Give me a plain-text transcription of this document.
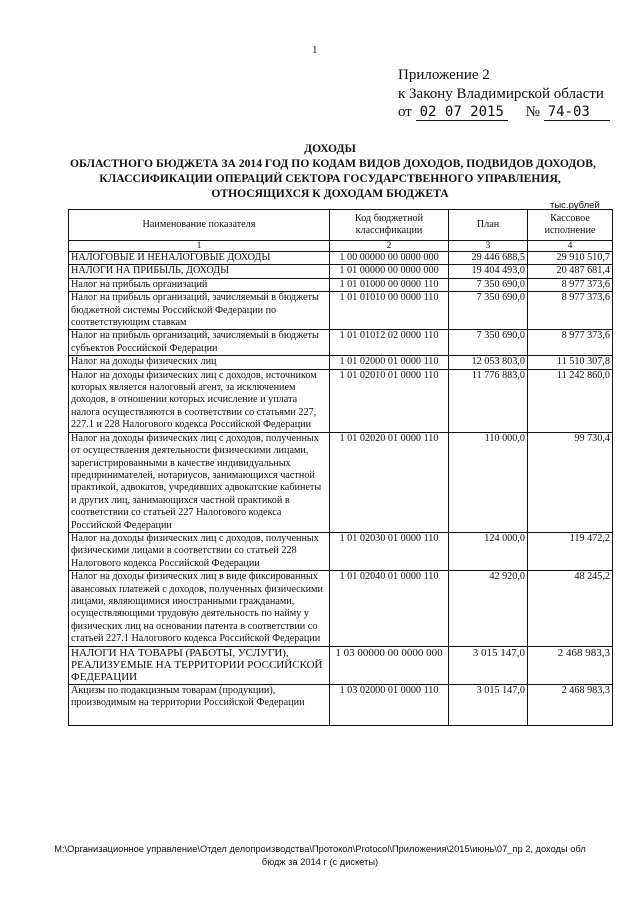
1
Приложение 2
к Закону Владимирской области
от 02 07 2015 № 74-03
ДОХОДЫ
ОБЛАСТНОГО БЮДЖЕТА ЗА 2014 ГОД ПО КОДАМ ВИДОВ ДОХОДОВ, ПОДВИДОВ ДОХОДОВ,
КЛАССИФИКАЦИИ ОПЕРАЦИЙ СЕКТОРА ГОСУДАРСТВЕННОГО УПРАВЛЕНИЯ,
ОТНОСЯЩИХСЯ К ДОХОДАМ БЮДЖЕТА
тыс.рублей
Наименование показателя	Код бюджетной классификации	План	Кассовое исполнение
1	2	3	4
НАЛОГОВЫЕ И НЕНАЛОГОВЫЕ ДОХОДЫ	1 00 00000 00 0000 000	29 446 688,5	29 910 510,7
НАЛОГИ НА ПРИБЫЛЬ, ДОХОДЫ	1 01 00000 00 0000 000	19 404 493,0	20 487 681,4
Налог на прибыль организаций	1 01 01000 00 0000 110	7 350 690,0	8 977 373,6
Налог на прибыль организаций, зачисляемый в бюджеты бюджетной системы Российской Федерации по соответствующим ставкам	1 01 01010 00 0000 110	7 350 690,0	8 977 373,6
Налог на прибыль организаций, зачисляемый в бюджеты субъектов Российской Федерации	1 01 01012 02 0000 110	7 350 690,0	8 977 373,6
Налог на доходы физических лиц	1 01 02000 01 0000 110	12 053 803,0	11 510 307,8
Налог на доходы физических лиц с доходов, источником которых является налоговый агент, за исключением доходов, в отношении которых исчисление и уплата налога осуществляются в соответствии со статьями 227, 227.1 и 228 Налогового кодекса Российской Федерации	1 01 02010 01 0000 110	11 776 883,0	11 242 860,0
Налог на доходы физических лиц с доходов, полученных от осуществления деятельности физическими лицами, зарегистрированными в качестве индивидуальных предпринимателей, нотариусов, занимающихся частной практикой, адвокатов, учредивших адвокатские кабинеты и других лиц, занимающихся частной практикой в соответствии со статьей 227 Налогового кодекса Российской Федерации	1 01 02020 01 0000 110	110 000,0	99 730,4
Налог на доходы физических лиц с доходов, полученных физическими лицами в соответствии со статьей 228 Налогового кодекса Российской Федерации	1 01 02030 01 0000 110	124 000,0	119 472,2
Налог на доходы физических лиц в виде фиксированных авансовых платежей с доходов, полученных физическими лицами, являющимися иностранными гражданами, осуществляющими трудовую деятельность по найму у физических лиц на основании патента в соответствии со статьей 227.1 Налогового кодекса Российской Федерации	1 01 02040 01 0000 110	42 920,0	48 245,2
НАЛОГИ НА ТОВАРЫ (РАБОТЫ, УСЛУГИ), РЕАЛИЗУЕМЫЕ НА ТЕРРИТОРИИ РОССИЙСКОЙ ФЕДЕРАЦИИ	1 03 00000 00 0000 000	3 015 147,0	2 468 983,3
Акцизы по подакцизным товарам (продукции), производимым на территории Российской Федерации	1 03 02000 01 0000 110	3 015 147,0	2 468 983,3
М:\Организационное управление\Отдел делопроизводства\Протокол\Protocol\Приложения\2015\июнь\07_пр 2, доходы обл
бюдж за 2014 г (с дискеты)
